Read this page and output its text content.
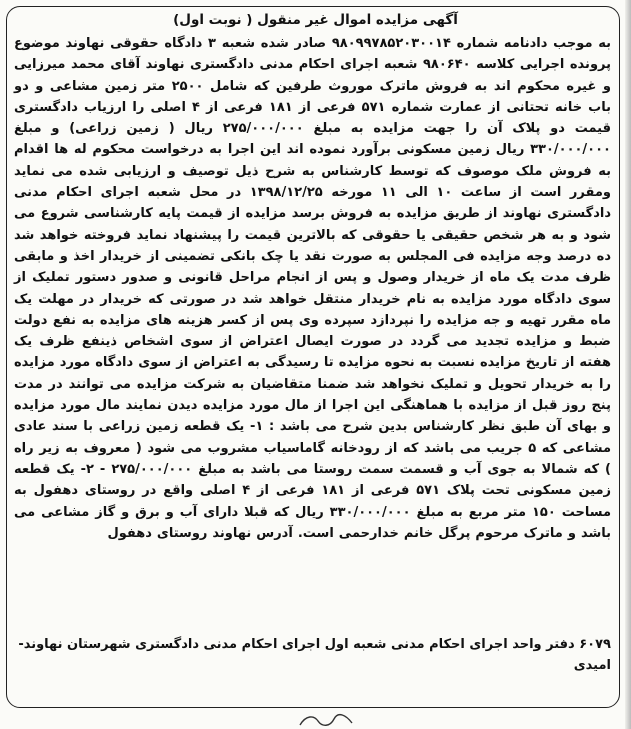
آگهی مزایده اموال غیر منقول ( نوبت اول)

به موجب دادنامه شماره ۹۸۰۹۹۷۸۵۲۰۳۰۰۱۴ صادر شده شعبه ۳ دادگاه حقوقی نهاوند موضوع پرونده اجرایی کلاسه ۹۸۰۶۴۰ شعبه اجرای احکام مدنی دادگستری نهاوند آقای محمد میرزایی و غیره محکوم اند به فروش ماترک موروث طرفین که شامل ۲۵۰۰ متر زمین مشاعی و دو باب خانه تحتانی از عمارت شماره ۵۷۱ فرعی از ۱۸۱ فرعی از ۴ اصلی را ارزیاب دادگستری قیمت دو پلاک آن را جهت مزایده به مبلغ ۲۷۵/۰۰۰/۰۰۰ ریال ( زمین زراعی) و مبلغ ۳۳۰/۰۰۰/۰۰۰ ریال زمین مسکونی برآورد نموده اند این اجرا به درخواست محکوم له ها اقدام به فروش ملک موصوف که توسط کارشناس به شرح ذیل توصیف و ارزیابی شده می نماید ومقرر است از ساعت ۱۰ الی ۱۱ مورخه ۱۳۹۸/۱۲/۲۵ در محل شعبه اجرای احکام مدنی دادگستری نهاوند از طریق مزایده به فروش برسد مزایده از قیمت پایه کارشناسی شروع می شود و به هر شخص حقیقی یا حقوقی که بالاترین قیمت را پیشنهاد نماید فروخته خواهد شد ده درصد وجه مزایده فی المجلس به صورت نقد یا چک بانکی تضمینی از خریدار اخذ و مابقی ظرف مدت یک ماه از خریدار وصول و پس از انجام مراحل قانونی و صدور دستور تملیک از سوی دادگاه مورد مزایده به نام خریدار منتقل خواهد شد در صورتی که خریدار در مهلت یک ماه مقرر تهیه و جه مزایده را نپردازد سپرده وی پس از کسر هزینه های مزایده به نفع دولت ضبط و مزایده تجدید می گردد در صورت ایصال اعتراض از سوی اشخاص ذینفع ظرف یک هفته از تاریخ مزایده نسبت به نحوه مزایده تا رسیدگی به اعتراض از سوی دادگاه مورد مزایده را به خریدار تحویل و تملیک نخواهد شد ضمنا متقاضیان به شرکت مزایده می توانند در مدت پنج روز قبل از مزایده با هماهنگی این اجرا از مال مورد مزایده دیدن نمایند مال مورد مزایده و بهای آن طبق نظر کارشناس بدین شرح می باشد : ۱- یک قطعه زمین زراعی با سند عادی مشاعی که ۵ جریب می باشد که از رودخانه گاماسیاب مشروب می شود ( معروف به زیر راه ) که شمالا به جوی آب و قسمت سمت روستا می باشد به مبلغ ۲۷۵/۰۰۰/۰۰۰ - ۲- یک قطعه زمین مسکونی تحت پلاک ۵۷۱ فرعی از ۱۸۱ فرعی از ۴ اصلی واقع در روستای دهفول به مساحت ۱۵۰ متر مربع به مبلغ ۳۳۰/۰۰۰/۰۰۰ ریال که قبلا دارای آب و برق و گاز مشاعی می باشد و ماترک مرحوم پرگل خانم خدارحمی است. آدرس نهاوند روستای دهفول

۶۰۷۹ دفتر واحد اجرای احکام مدنی شعبه اول اجرای احکام مدنی دادگستری شهرستان نهاوند- امیدی
